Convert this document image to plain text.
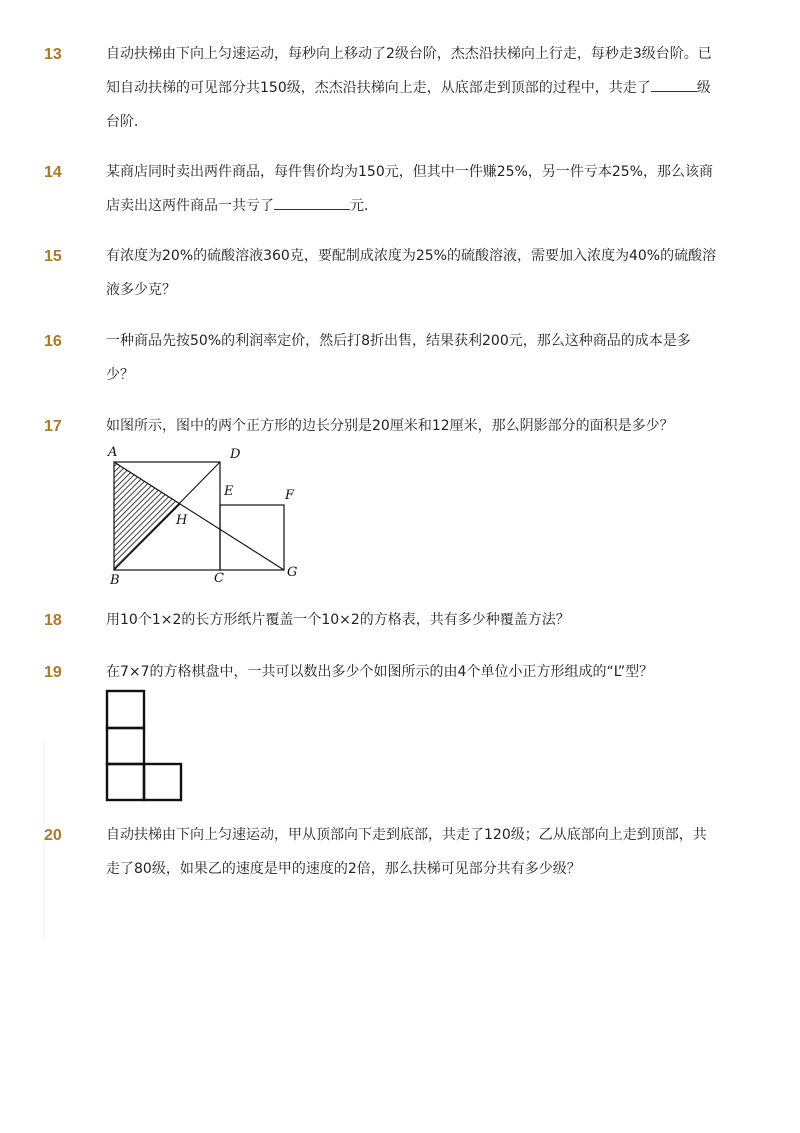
13	自动扶梯由下向上匀速运动，每秒向上移动了2级台阶，杰杰沿扶梯向上行走，每秒走3级台阶。已知自动扶梯的可见部分共150级，杰杰沿扶梯向上走，从底部走到顶部的过程中，共走了	级台阶．
14	某商店同时卖出两件商品，每件售价均为150元，但其中一件赚25%，另一件亏本25%，那么该商店卖出这两件商品一共亏了	元．
15	有浓度为20%的硫酸溶液360克，要配制成浓度为25%的硫酸溶液，需要加入浓度为40%的硫酸溶液多少克？
16	一种商品先按50%的利润率定价，然后打8折出售，结果获利200元，那么这种商品的成本是多少？
17	如图所示，图中的两个正方形的边长分别是20厘米和12厘米，那么阴影部分的面积是多少？
A	D
E	F
H
B	C	G
18	用10个1×2的长方形纸片覆盖一个10×2的方格表，共有多少种覆盖方法？
19	在7×7的方格棋盘中，一共可以数出多少个如图所示的由4个单位小正方形组成的“L”型？
20	自动扶梯由下向上匀速运动，甲从顶部向下走到底部，共走了120级；乙从底部向上走到顶部，共走了80级，如果乙的速度是甲的速度的2倍，那么扶梯可见部分共有多少级？
